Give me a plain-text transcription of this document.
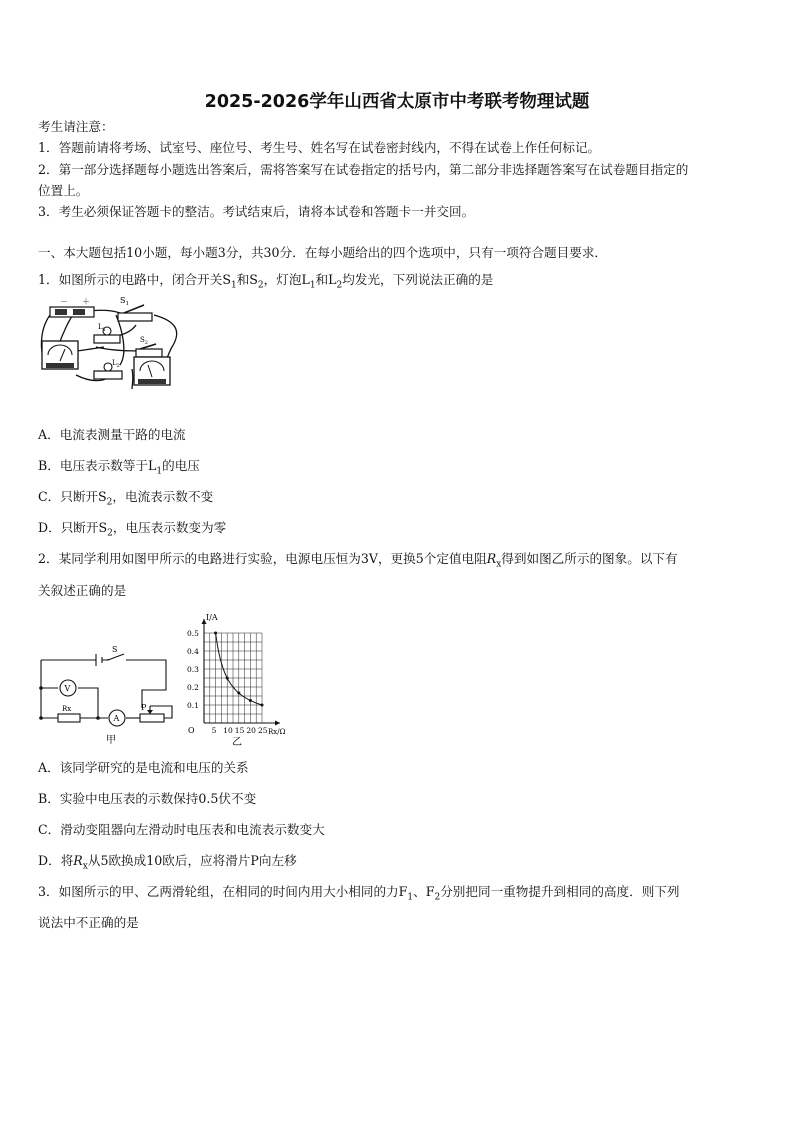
2025-2026学年山西省太原市中考联考物理试题
考生请注意：
1．答题前请将考场、试室号、座位号、考生号、姓名写在试卷密封线内，不得在试卷上作任何标记。
2．第一部分选择题每小题选出答案后，需将答案写在试卷指定的括号内，第二部分非选择题答案写在试卷题目指定的
位置上。
3．考生必须保证答题卡的整洁。考试结束后，请将本试卷和答题卡一并交回。
一、本大题包括10小题，每小题3分，共30分．在每小题给出的四个选项中，只有一项符合题目要求．
1．如图所示的电路中，闭合开关$S_1$和$S_2$，灯泡$L_1$和$L_2$均发光，下列说法正确的是
－ ＋	$S_1$
$L_1$
$S_2$
$L_2$
A．电流表测量干路的电流
B．电压表示数等于$L_1$的电压
C．只断开$S_2$，电流表示数不变
D．只断开$S_2$，电压表示数变为零
2．某同学利用如图甲所示的电路进行实验，电源电压恒为3V，更换5个定值电阻$R_x$得到如图乙所示的图象。以下有
关叙述正确的是
S
V
Rx
A
P
甲
5 10 15 20 25
0.1
0.2
0.3
0.4
0.5
I/A
Rx/Ω
O
乙
A．该同学研究的是电流和电压的关系
B．实验中电压表的示数保持0.5伏不变
C．滑动变阻器向左滑动时电压表和电流表示数变大
D．将$R_x$从5欧换成10欧后，应将滑片P向左移
3．如图所示的甲、乙两滑轮组，在相同的时间内用大小相同的力$F_1$、$F_2$分别把同一重物提升到相同的高度．则下列
说法中不正确的是
